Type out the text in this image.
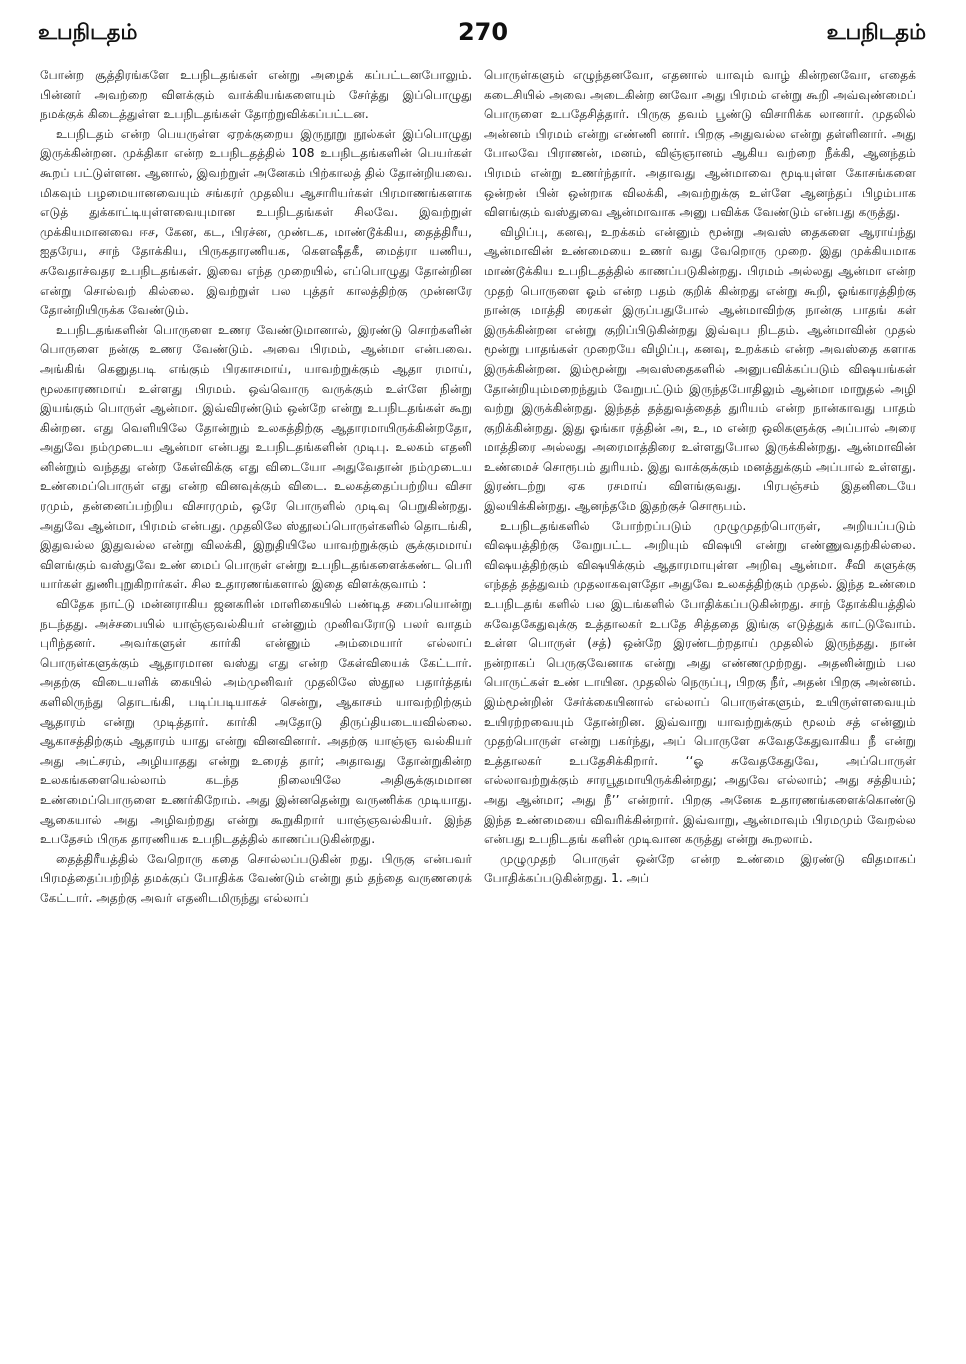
உபநிடதம்	270	உபநிடதம்

போன்ற சூத்திரங்களே உபநிடதங்கள் என்று அழைக் கப்பட்டனபோலும். பின்னர் அவற்றை விளக்கும் வாக்கியங்களையும் சேர்த்து இப்பொழுது நமக்குக் கிடைத்துள்ள உபநிடதங்கள் தோற்றுவிக்கப்பட்டன.

உபநிடதம் என்ற பெயருள்ள ஏறக்குறைய இருநூறு நூல்கள் இப்பொழுது இருக்கின்றன. முக்திகா என்ற உபநிடதத்தில் 108 உபநிடதங்களின் பெயர்கள் கூறப் பட்டுள்ளன. ஆனால், இவற்றுள் அனேகம் பிற்காலத் தில் தோன்றியவை. மிகவும் பழமையானவையும் சங்கரர் முதலிய ஆசாரியர்கள் பிரமாணங்களாக எடுத் துக்காட்டியுள்ளவையுமான உபநிடதங்கள் சிலவே. இவற்றுள் முக்கியமானவை ஈச, கேன, கட, பிரச்ன, முண்டக, மாண்டூக்கிய, தைத்திரீய, ஐதரேய, சாந் தோக்கிய, பிருகதாரணியக, கௌஷீதகீ, மைத்ரா யணிய, சுவேதாச்வதர உபநிடதங்கள். இவை எந்த முறையில், எப்பொழுது தோன்றின என்று சொல்வற் கில்லை. இவற்றுள் பல புத்தர் காலத்திற்கு முன்னரே தோன்றியிருக்க வேண்டும்.

உபநிடதங்களின் பொருளை உணர வேண்டுமானால், இரண்டு சொற்களின் பொருளை நன்கு உணர வேண்டும். அவை பிரமம், ஆன்மா என்பவை. அங்கிங் கெனுதபடி எங்கும் பிரகாசமாய், யாவற்றுக்கும் ஆதா ரமாய், மூலகாரணமாய் உள்ளது பிரமம். ஒவ்வொரு வருக்கும் உள்ளே நின்று இயங்கும் பொருள் ஆன்மா. இவ்விரண்டும் ஒன்றே என்று உபநிடதங்கள் கூறு கின்றன. எது வெளியிலே தோன்றும் உலகத்திற்கு ஆதாரமாயிருக்கின்றதோ, அதுவே நம்முடைய ஆன்மா என்பது உபநிடதங்களின் முடிபு. உலகம் எதனி னின்றும் வந்தது என்ற கேள்விக்கு எது விடையோ அதுவேதான் நம்முடைய உண்மைப்பொருள் எது என்ற வினவுக்கும் விடை. உலகத்தைப்பற்றிய விசா ரமும், தன்னைப்பற்றிய விசாரமும், ஒரே பொருளில் முடிவு பெறுகின்றது. அதுவே ஆன்மா, பிரமம் என்பது. முதலிலே ஸ்தூலப்பொருள்களில் தொடங்கி, இதுவல்ல இதுவல்ல என்று விலக்கி, இறுதியிலே யாவற்றுக்கும் சூக்குமமாய் விளங்கும் வஸ்துவே உண் மைப் பொருள் என்று உபநிடதங்களைக்கண்ட பெரி யார்கள் துணிபுறுகிறார்கள். சில உதாரணங்களால் இதை விளக்குவாம் :

விதேக நாட்டு மன்னராகிய ஜனகரின் மாளிகையில் பண்டித சபையொன்று நடந்தது. அச்சபையில் யாஞ்ஞவல்கியர் என்னும் முனிவரோடு பலர் வாதம் புரிந்தனர். அவர்களுள் கார்கி என்னும் அம்மையார் எல்லாப் பொருள்களுக்கும் ஆதாரமான வஸ்து எது என்ற கேள்வியைக் கேட்டார். அதற்கு விடையளிக் கையில் அம்முனிவர் முதலிலே ஸ்தூல பதார்த்தங் களிலிருந்து தொடங்கி, படிப்படியாகச் சென்று, ஆகாசம் யாவற்றிற்கும் ஆதாரம் என்று முடித்தார். கார்கி அதோடு திருப்தியடையவில்லை. ஆகாசத்திற்கும் ஆதாரம் யாது என்று வினவினார். அதற்கு யாஞ்ஞ வல்கியர் அது அட்சரம், அழியாதது என்று உரைத் தார்; அதாவது தோன்றுகின்ற உலகங்களையெல்லாம் கடந்த நிலையிலே அதிசூக்குமமான உண்மைப்பொருளை உணர்கிறோம். அது இன்னதென்று வருணிக்க முடியாது. ஆகையால் அது அழிவற்றது என்று கூறுகிறார் யாஞ்ஞவல்கியர். இந்த உபதேசம் பிருக தாரணியக உபநிடதத்தில் காணப்படுகின்றது.

தைத்திரீயத்தில் வேறொரு கதை சொல்லப்படுகின் றது. பிருகு என்பவர் பிரமத்தைப்பற்றித் தமக்குப் போதிக்க வேண்டும் என்று தம் தந்தை வருணரைக் கேட்டார். அதற்கு அவர் எதனிடமிருந்து எல்லாப்

பொருள்களும் எழுந்தனவோ, எதனால் யாவும் வாழ் கின்றனவோ, எதைக் கடைசியில் அவை அடைகின்ற னவோ அது பிரமம் என்று கூறி அவ்வுண்மைப் பொருளை உபதேசித்தார். பிருகு தவம் பூண்டு விசாரிக்க லானார். முதலில் அன்னம் பிரமம் என்று எண்ணி னார். பிறகு அதுவல்ல என்று தள்ளினார். அது போலவே பிராணன், மனம், விஞ்ஞானம் ஆகிய வற்றை நீக்கி, ஆனந்தம் பிரமம் என்று உணர்ந்தார். அதாவது ஆன்மாவை மூடியுள்ள கோசங்களை ஒன்றன் பின் ஒன்றாக விலக்கி, அவற்றுக்கு உள்ளே ஆனந்தப் பிழம்பாக விளங்கும் வஸ்துவை ஆன்மாவாக அனு பவிக்க வேண்டும் என்பது கருத்து.

விழிப்பு, கனவு, உறக்கம் என்னும் மூன்று அவஸ் தைகளை ஆராய்ந்து ஆன்மாவின் உண்மையை உணர் வது வேறொரு முறை. இது முக்கியமாக மாண்டூக்கிய உபநிடதத்தில் காணப்படுகின்றது. பிரமம் அல்லது ஆன்மா என்ற முதற் பொருளை ஓம் என்ற பதம் குறிக் கின்றது என்று கூறி, ஓங்காரத்திற்கு நான்கு மாத்தி ரைகள் இருப்பதுபோல் ஆன்மாவிற்கு நான்கு பாதங் கள் இருக்கின்றன என்று குறிப்பிடுகின்றது இவ்வுப நிடதம். ஆன்மாவின் முதல் மூன்று பாதங்கள் முறையே விழிப்பு, கனவு, உறக்கம் என்ற அவஸ்தை களாக இருக்கின்றன. இம்மூன்று அவஸ்தைகளில் அனுபவிக்கப்படும் விஷயங்கள் தோன்றியும்மறைந்தும் வேறுபட்டும் இருந்தபோதிலும் ஆன்மா மாறுதல் அழி வற்று இருக்கின்றது. இந்தத் தத்துவத்தைத் துரியம் என்ற நான்காவது பாதம் குறிக்கின்றது. இது ஓங்கா ரத்தின் அ, உ, ம என்ற ஒலிகளுக்கு அப்பால் அரை மாத்திரை அல்லது அரைமாத்திரை உள்ளதுபோல இருக்கின்றது. ஆன்மாவின் உண்மைச் சொரூபம் துரியம். இது வாக்குக்கும் மனத்துக்கும் அப்பால் உள்ளது. இரண்டற்று ஏக ரசமாய் விளங்குவது. பிரபஞ்சம் இதனிடையே இலயிக்கின்றது. ஆனந்தமே இதற்குச் சொரூபம்.

உபநிடதங்களில் போற்றப்படும் முழுமுதற்பொருள், அறியப்படும் விஷயத்திற்கு வேறுபட்ட அறியும் விஷயி என்று எண்ணுவதற்கில்லை. விஷயத்திற்கும் விஷயிக்கும் ஆதாரமாயுள்ள அறிவு ஆன்மா. சீவி களுக்கு எந்தத் தத்துவம் முதலாகவுளதோ அதுவே உலகத்திற்கும் முதல். இந்த உண்மை உபநிடதங் களில் பல இடங்களில் போதிக்கப்படுகின்றது. சாந் தோக்கியத்தில் சுவேதகேதுவுக்கு உத்தாலகர் உபதே சித்ததை இங்கு எடுத்துக் காட்டுவோம். உள்ள பொருள் (சத்) ஒன்றே இரண்டற்றதாய் முதலில் இருந்தது. நான் நன்றாகப் பெருகுவேனாக என்று அது எண்ணமுற்றது. அதனின்றும் பல பொருட்கள் உண் டாயின. முதலில் நெருப்பு, பிறகு நீர், அதன் பிறகு அன்னம். இம்மூன்றின் சேர்க்கையினால் எல்லாப் பொருள்களும், உயிருள்ளவையும் உயிரற்றவையும் தோன்றின. இவ்வாறு யாவற்றுக்கும் மூலம் சத் என்னும் முதற்பொருள் என்று பகர்ந்து, அப் பொருளே சுவேதகேதுவாகிய நீ என்று உத்தாலகர் உபதேசிக்கிறார். ‘‘ஓ சுவேதகேதுவே, அப்பொருள் எல்லாவற்றுக்கும் சாரபூதமாயிருக்கின்றது; அதுவே எல்லாம்; அது சத்தியம்; அது ஆன்மா; அது நீ’’ என்றார். பிறகு அனேக உதாரணங்களைக்கொண்டு இந்த உண்மையை விவரிக்கின்றார். இவ்வாறு, ஆன்மாவும் பிரமமும் வேறல்ல என்பது உபநிடதங் களின் முடிவான கருத்து என்று கூறலாம்.

முழுமுதற் பொருள் ஒன்றே என்ற உண்மை இரண்டு விதமாகப் போதிக்கப்படுகின்றது. 1. அப்
